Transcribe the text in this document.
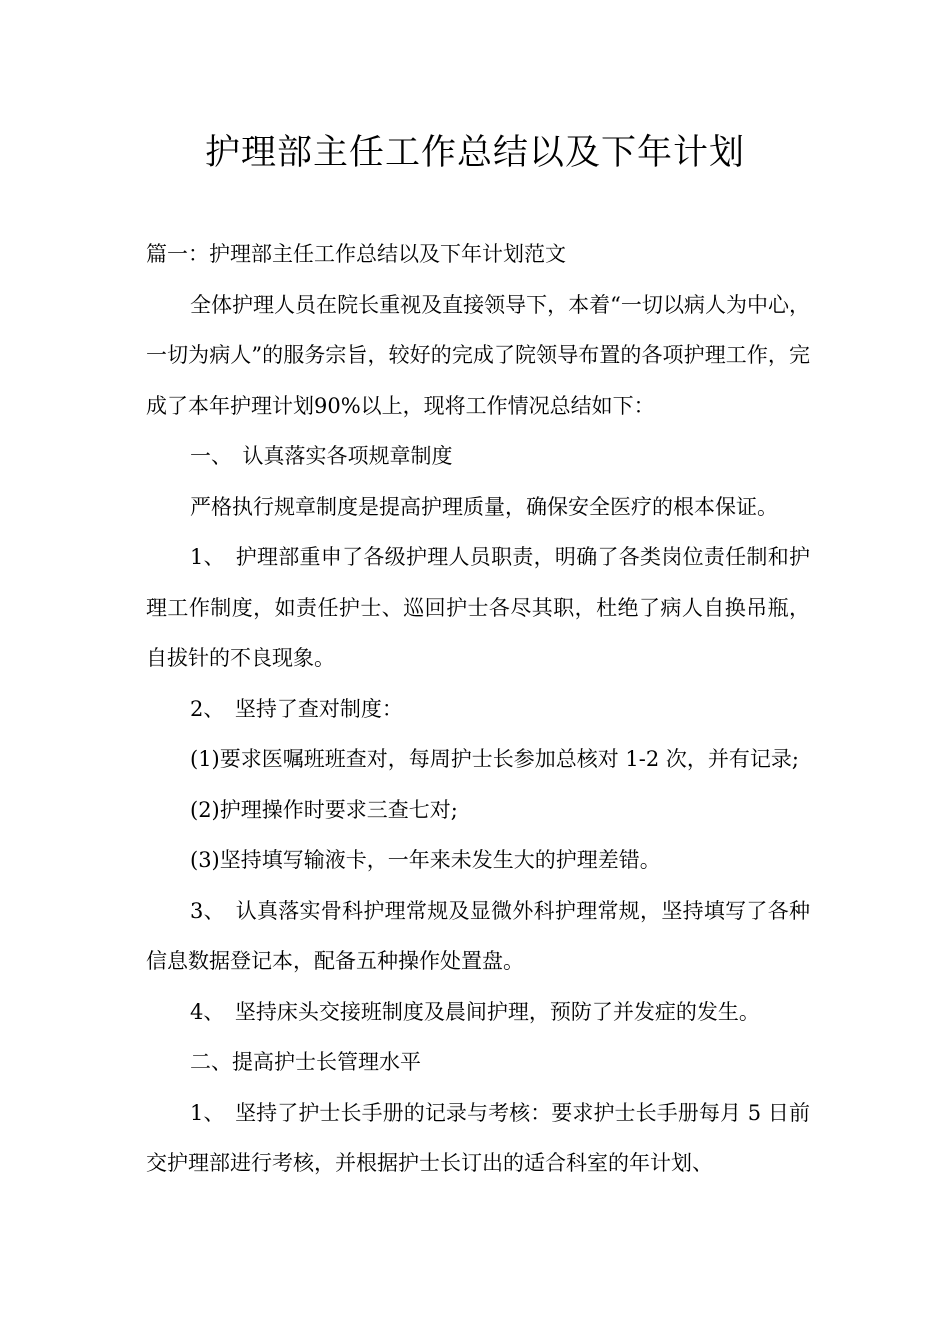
护理部主任工作总结以及下年计划

篇一：护理部主任工作总结以及下年计划范文

全体护理人员在院长重视及直接领导下，本着“一切以病人为中心，一切为病人”的服务宗旨，较好的完成了院领导布置的各项护理工作，完成了本年护理计划90%以上，现将工作情况总结如下：

一、　认真落实各项规章制度

严格执行规章制度是提高护理质量，确保安全医疗的根本保证。

1、　护理部重申了各级护理人员职责，明确了各类岗位责任制和护理工作制度，如责任护士、巡回护士各尽其职，杜绝了病人自换吊瓶，自拔针的不良现象。

2、　坚持了查对制度：

(1)要求医嘱班班查对，每周护士长参加总核对 1-2 次，并有记录;

(2)护理操作时要求三查七对;

(3)坚持填写输液卡，一年来未发生大的护理差错。

3、　认真落实骨科护理常规及显微外科护理常规，坚持填写了各种信息数据登记本，配备五种操作处置盘。

4、　坚持床头交接班制度及晨间护理，预防了并发症的发生。

二、提高护士长管理水平

1、　坚持了护士长手册的记录与考核：要求护士长手册每月 5 日前交护理部进行考核，并根据护士长订出的适合科室的年计划、
